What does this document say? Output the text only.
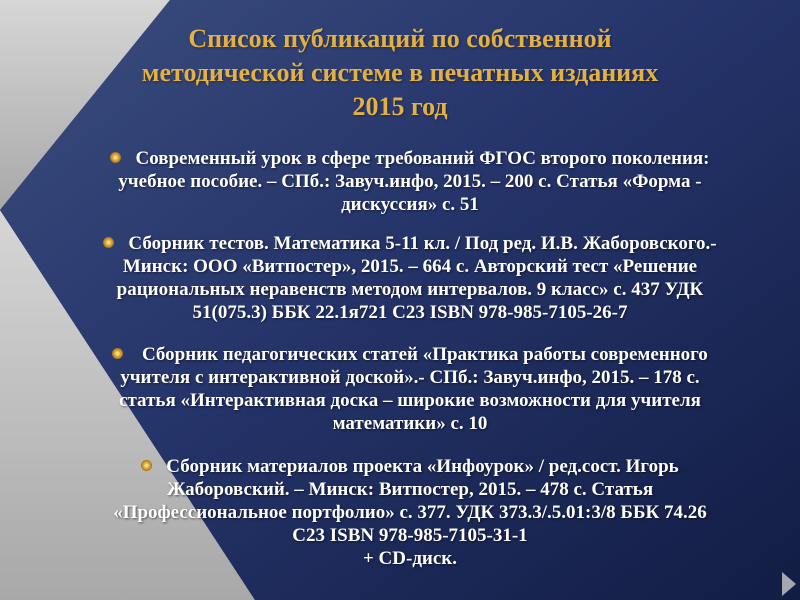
Список публикаций по собственной
методической системе в печатных изданиях
2015 год
Современный урок в сфере требований ФГОС второго поколения:
учебное пособие. – СПб.: Завуч.инфо, 2015. – 200 с. Статья «Форма -
дискуссия» с. 51
Сборник тестов. Математика 5-11 кл. / Под ред. И.В. Жаборовского.-
Минск: ООО «Витпостер», 2015. – 664 с. Авторский тест «Решение
рациональных неравенств методом интервалов. 9 класс» с. 437 УДК
51(075.3) ББК 22.1я721 С23 ISBN 978-985-7105-26-7
Сборник педагогических статей «Практика работы современного
учителя с интерактивной доской».- СПб.: Завуч.инфо, 2015. – 178 с.
статья «Интерактивная доска – широкие возможности для учителя
математики» с. 10
Сборник материалов проекта «Инфоурок» / ред.сост. Игорь
Жаборовский. – Минск: Витпостер, 2015. – 478 с. Статья
«Профессиональное портфолио» с. 377. УДК 373.3/.5.01:3/8 ББК 74.26
С23 ISBN 978-985-7105-31-1
+ CD-диск.
